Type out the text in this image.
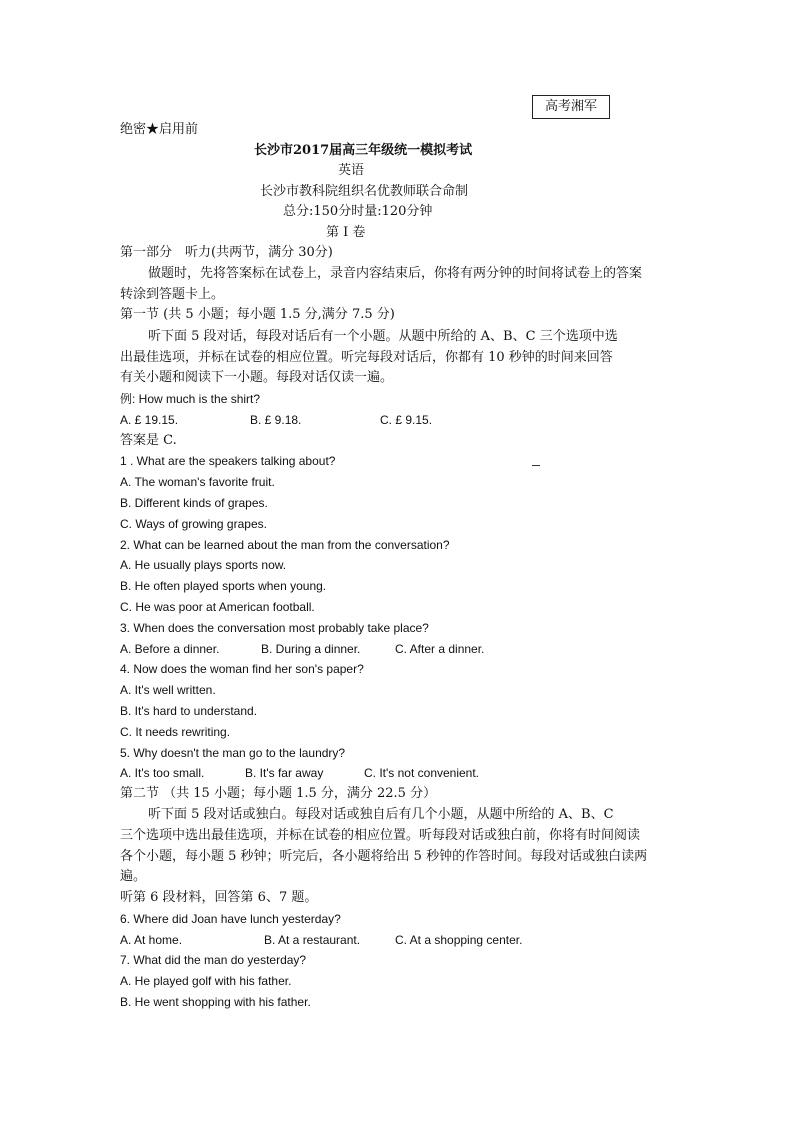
高考湘军
绝密★启用前
长沙市2017届高三年级统一模拟考试
英语
长沙市教科院组织名优教师联合命制
总分:150分时量:120分钟
第 I 卷
第一部分　听力(共两节，满分 30分)
做题时，先将答案标在试卷上，录音内容结束后，你将有两分钟的时间将试卷上的答案
转涂到答题卡上。
第一节 (共 5 小题；每小题 1.5 分,满分 7.5 分)
听下面 5 段对话，每段对话后有一个小题。从题中所给的 A、B、C 三个选项中选
出最佳选项，并标在试卷的相应位置。听完每段对话后，你都有 10 秒钟的时间来回答
有关小题和阅读下一小题。每段对话仅读一遍。
例: How much is the shirt?
A. £ 19.15.	B. £ 9.18.	C. £ 9.15.
答案是 C.
1 . What are the speakers talking about?
A. The woman's favorite fruit.
B. Different kinds of grapes.
C. Ways of growing grapes.
2. What can be learned about the man from the conversation?
A. He usually plays sports now.
B. He often played sports when young.
C. He was poor at American football.
3. When does the conversation most probably take place?
A. Before a dinner.	B. During a dinner.	C. After a dinner.
4. Now does the woman find her son's paper?
A. It's well written.
B. It's hard to understand.
C. It needs rewriting.
5. Why doesn't the man go to the laundry?
A. It's too small.	B. It's far away	C. It's not convenient.
第二节 （共 15 小题；每小题 1.5 分，满分 22.5 分）
听下面 5 段对话或独白。每段对话或独自后有几个小题，从题中所给的 A、B、C
三个选项中选出最佳选项，并标在试卷的相应位置。听每段对话或独白前，你将有时间阅读
各个小题，每小题 5 秒钟；听完后，各小题将给出 5 秒钟的作答时间。每段对话或独白读两
遍。
听第 6 段材料，回答第 6、7 题。
6. Where did Joan have lunch yesterday?
A. At home.	B. At a restaurant.	C. At a shopping center.
7. What did the man do yesterday?
A. He played golf with his father.
B. He went shopping with his father.
